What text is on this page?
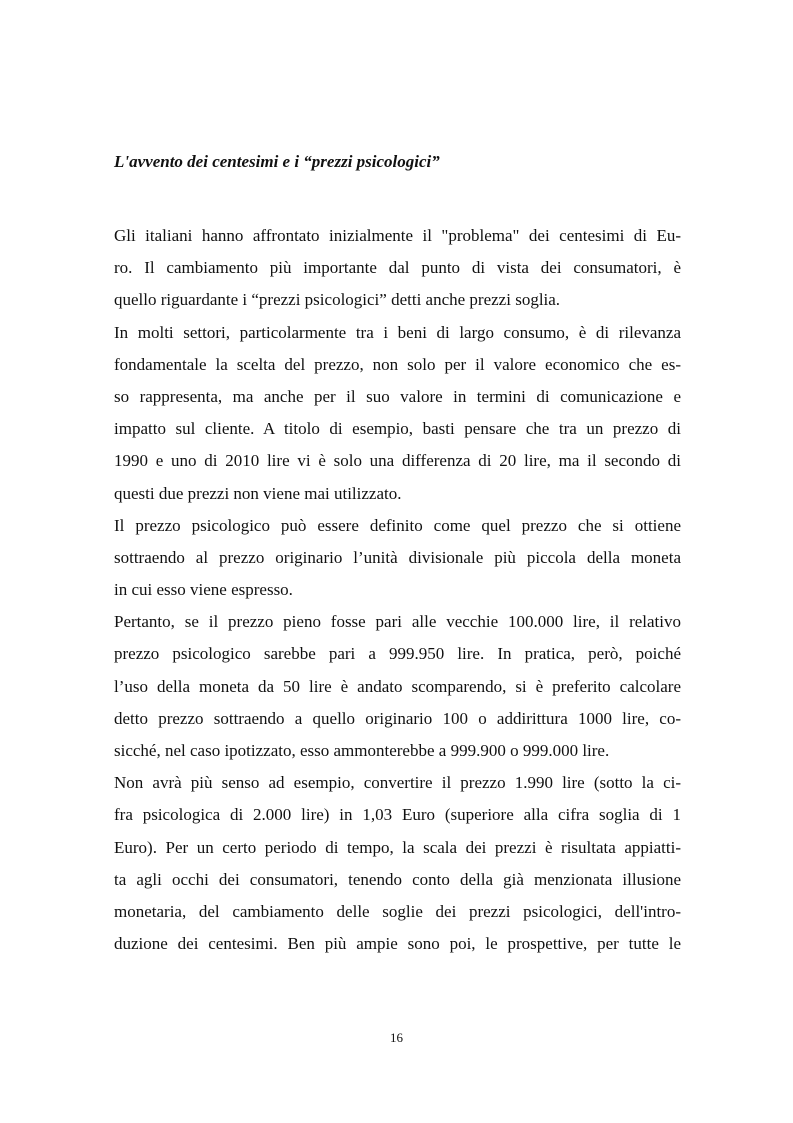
L'avvento dei centesimi e i “prezzi psicologici”
Gli italiani hanno affrontato inizialmente il "problema" dei centesimi di Eu-
ro. Il cambiamento più importante dal punto di vista dei consumatori, è
quello riguardante i “prezzi psicologici” detti anche prezzi soglia.
In molti settori, particolarmente tra i beni di largo consumo, è di rilevanza
fondamentale la scelta del prezzo, non solo per il valore economico che es-
so rappresenta, ma anche per il suo valore in termini di comunicazione e
impatto sul cliente. A titolo di esempio, basti pensare che tra un prezzo di
1990 e uno di 2010 lire vi è solo una differenza di 20 lire, ma il secondo di
questi due prezzi non viene mai utilizzato.
Il prezzo psicologico può essere definito come quel prezzo che si ottiene
sottraendo al prezzo originario l’unità divisionale più piccola della moneta
in cui esso viene espresso.
Pertanto, se il prezzo pieno fosse pari alle vecchie 100.000 lire, il relativo
prezzo psicologico sarebbe pari a 999.950 lire. In pratica, però, poiché
l’uso della moneta da 50 lire è andato scomparendo, si è preferito calcolare
detto prezzo sottraendo a quello originario 100 o addirittura 1000 lire, co-
sicché, nel caso ipotizzato, esso ammonterebbe a 999.900 o 999.000 lire.
Non avrà più senso ad esempio, convertire il prezzo 1.990 lire (sotto la ci-
fra psicologica di 2.000 lire) in 1,03 Euro (superiore alla cifra soglia di 1
Euro). Per un certo periodo di tempo, la scala dei prezzi è risultata appiatti-
ta agli occhi dei consumatori, tenendo conto della già menzionata illusione
monetaria, del cambiamento delle soglie dei prezzi psicologici, dell'intro-
duzione dei centesimi. Ben più ampie sono poi, le prospettive, per tutte le
16
